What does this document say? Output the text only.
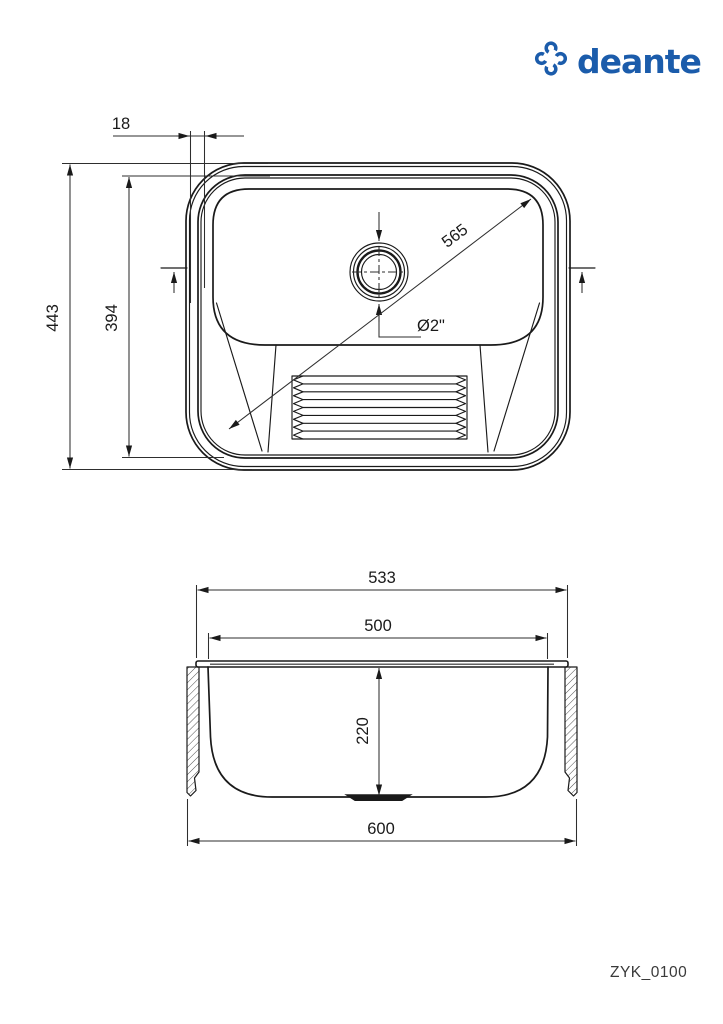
deante
Ø2"
565
18
443 394
533
500
220
600
ZYK_0100
